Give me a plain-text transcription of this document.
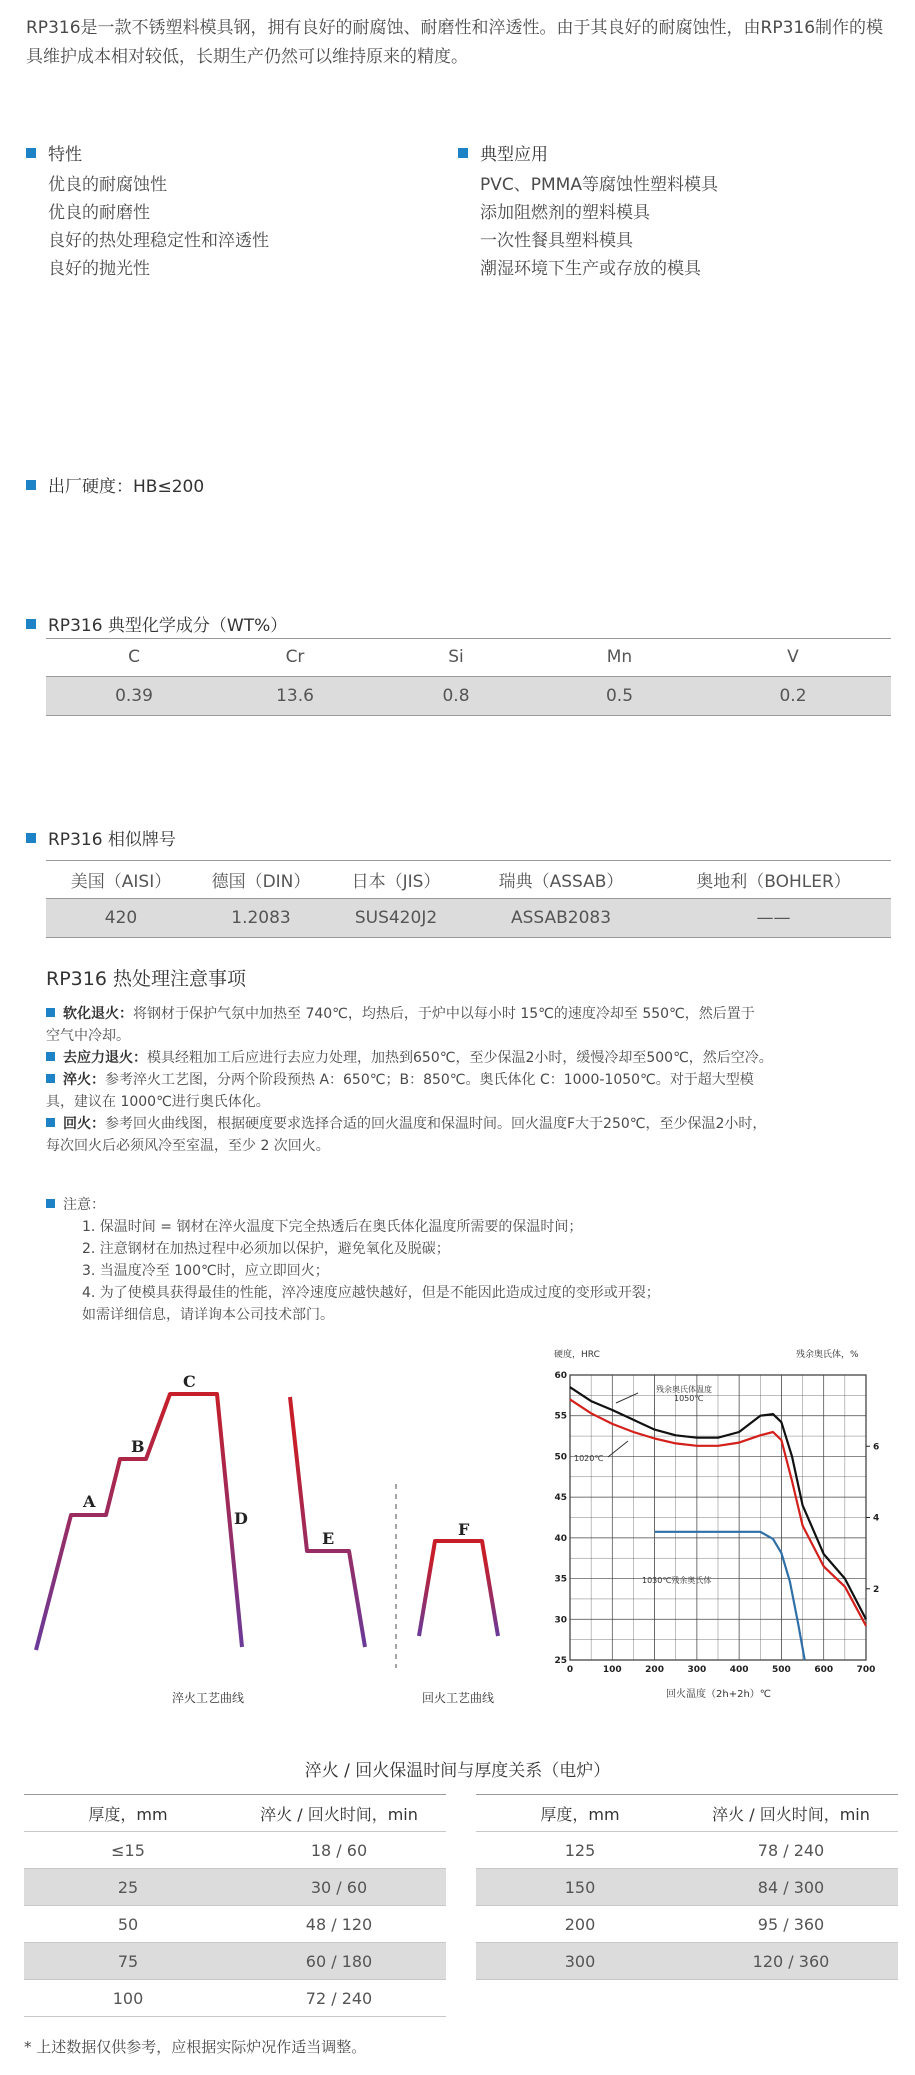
RP316是一款不锈塑料模具钢，拥有良好的耐腐蚀、耐磨性和淬透性。由于其良好的耐腐蚀性，由RP316制作的模具维护成本相对较低，长期生产仍然可以维持原来的精度。
特性
优良的耐腐蚀性
优良的耐磨性
良好的热处理稳定性和淬透性
良好的抛光性
典型应用
PVC、PMMA等腐蚀性塑料模具
添加阻燃剂的塑料模具
一次性餐具塑料模具
潮湿环境下生产或存放的模具
出厂硬度：HB≤200
RP316 典型化学成分（WT%）
C	Cr	Si	Mn	V
0.39	13.6	0.8	0.5	0.2
RP316 相似牌号
美国（AISI）	德国（DIN）	日本（JIS）	瑞典（ASSAB）	奥地利（BOHLER）
420	1.2083	SUS420J2	ASSAB2083	——
RP316 热处理注意事项
软化退火：将钢材于保护气氛中加热至 740℃，均热后，于炉中以每小时 15℃的速度冷却至 550℃，然后置于
空气中冷却。
去应力退火：模具经粗加工后应进行去应力处理，加热到650℃，至少保温2小时，缓慢冷却至500℃，然后空冷。
淬火：参考淬火工艺图，分两个阶段预热 A：650℃；B：850℃。奥氏体化 C：1000-1050℃。对于超大型模
具，建议在 1000℃进行奥氏体化。
回火：参考回火曲线图，根据硬度要求选择合适的回火温度和保温时间。回火温度F大于250℃，至少保温2小时，
每次回火后必须风冷至室温，至少 2 次回火。
注意：
1. 保温时间 = 钢材在淬火温度下完全热透后在奥氏体化温度所需要的保温时间；
2. 注意钢材在加热过程中必须加以保护，避免氧化及脱碳；
3. 当温度冷至 100℃时，应立即回火；
4. 为了使模具获得最佳的性能，淬冷速度应越快越好，但是不能因此造成过度的变形或开裂；
如需详细信息，请详询本公司技术部门。
A
B
C
D
E	F
淬火工艺曲线	回火工艺曲线
硬度，HRC	残余奥氏体，%
回火温度（2h+2h）℃
残余奥氏体温度
1050℃
1020℃
1030℃残余奥氏体
0	100	200	300	400	500	600	700
25
30
35
40
45
50
55
60
2
4
6
淬火 / 回火保温时间与厚度关系（电炉）
厚度，mm	淬火 / 回火时间，min
≤15	18 / 60
25	30 / 60
50	48 / 120
75	60 / 180
100	72 / 240
厚度，mm	淬火 / 回火时间，min
125	78 / 240
150	84 / 300
200	95 / 360
300	120 / 360
* 上述数据仅供参考，应根据实际炉况作适当调整。
